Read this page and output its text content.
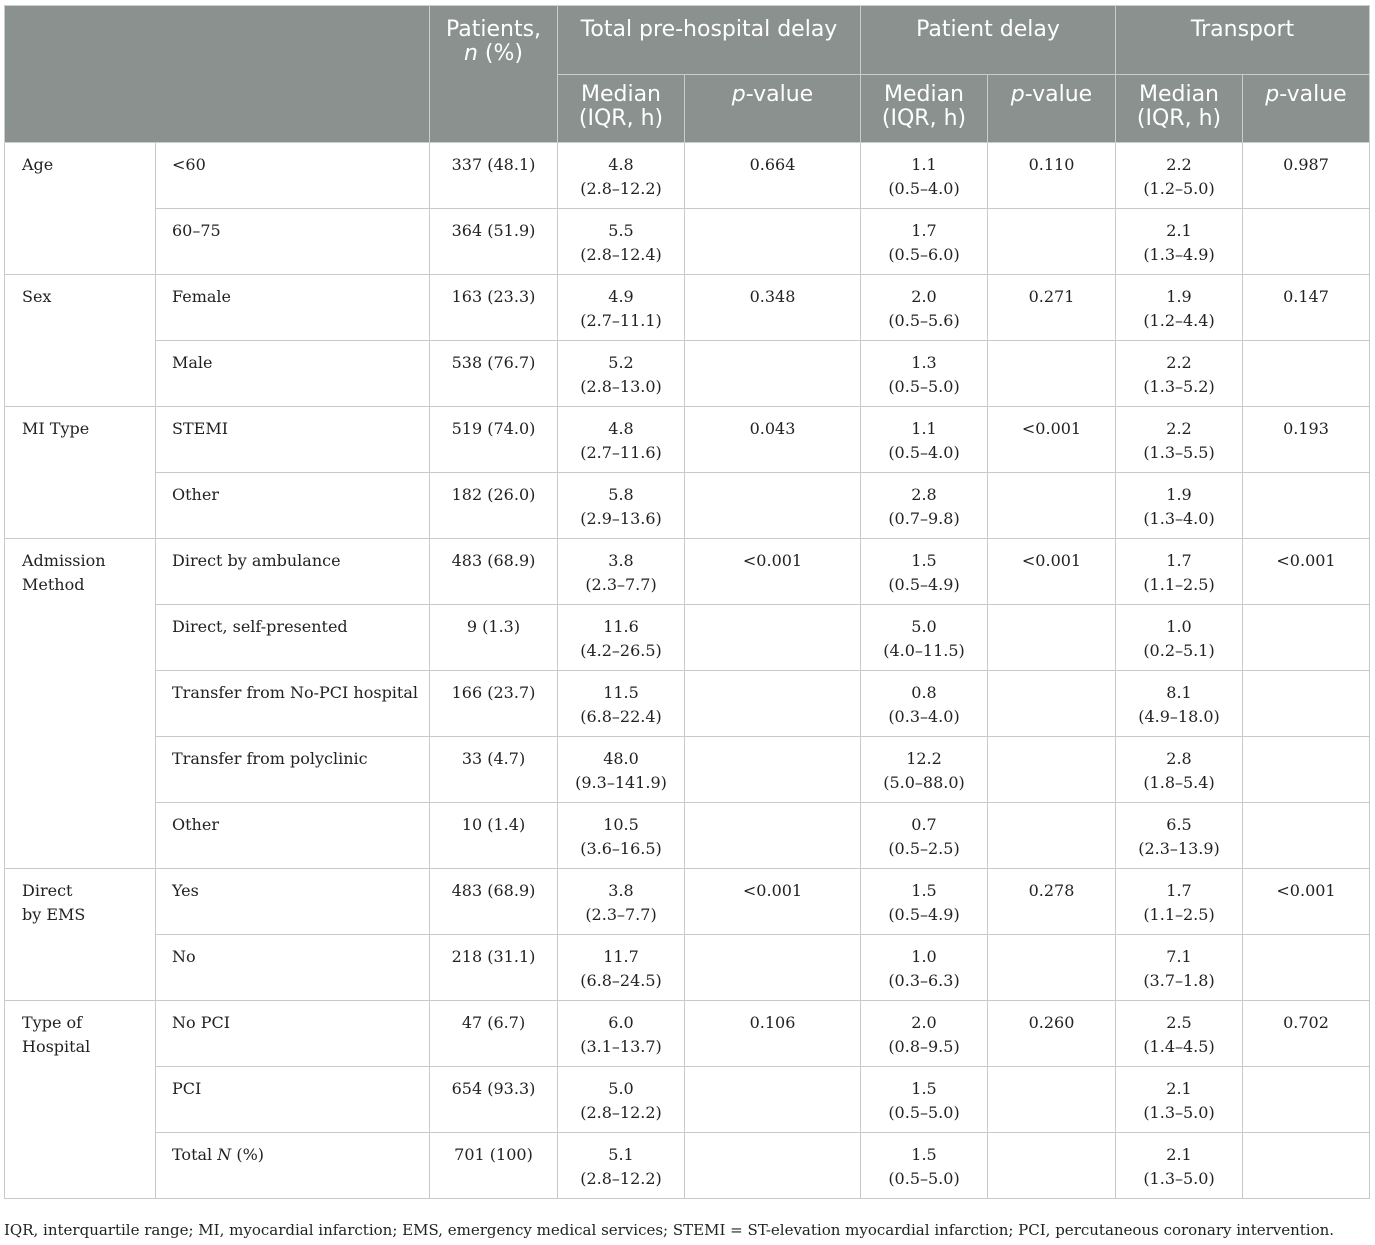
		Patients,
n (%)	Total pre-hospital delay		Patient delay		Transport	

			Median
(IQR, h)	p-value	Median
(IQR, h)	p-value	Median
(IQR, h)	p-value

Age	<60	337 (48.1)	4.8
(2.8–12.2)	0.664	1.1
(0.5–4.0)	0.110	2.2
(1.2–5.0)	0.987

	60–75	364 (51.9)	5.5
(2.8–12.4)		1.7
(0.5–6.0)		2.1
(1.3–4.9)	

Sex	Female	163 (23.3)	4.9
(2.7–11.1)	0.348	2.0
(0.5–5.6)	0.271	1.9
(1.2–4.4)	0.147

	Male	538 (76.7)	5.2
(2.8–13.0)		1.3
(0.5–5.0)		2.2
(1.3–5.2)	

MI Type	STEMI	519 (74.0)	4.8
(2.7–11.6)	0.043	1.1
(0.5–4.0)	<0.001	2.2
(1.3–5.5)	0.193

	Other	182 (26.0)	5.8
(2.9–13.6)		2.8
(0.7–9.8)		1.9
(1.3–4.0)	

Admission
Method	Direct by ambulance	483 (68.9)	3.8
(2.3–7.7)	<0.001	1.5
(0.5–4.9)	<0.001	1.7
(1.1–2.5)	<0.001

	Direct, self-presented	9 (1.3)	11.6
(4.2–26.5)		5.0
(4.0–11.5)		1.0
(0.2–5.1)	

	Transfer from No-PCI hospital	166 (23.7)	11.5
(6.8–22.4)		0.8
(0.3–4.0)		8.1
(4.9–18.0)	

	Transfer from polyclinic	33 (4.7)	48.0
(9.3–141.9)		12.2
(5.0–88.0)		2.8
(1.8–5.4)	

	Other	10 (1.4)	10.5
(3.6–16.5)		0.7
(0.5–2.5)		6.5
(2.3–13.9)	

Direct
by EMS	Yes	483 (68.9)	3.8
(2.3–7.7)	<0.001	1.5
(0.5–4.9)	0.278	1.7
(1.1–2.5)	<0.001

	No	218 (31.1)	11.7
(6.8–24.5)		1.0
(0.3–6.3)		7.1
(3.7–1.8)	

Type of
Hospital	No PCI	47 (6.7)	6.0
(3.1–13.7)	0.106	2.0
(0.8–9.5)	0.260	2.5
(1.4–4.5)	0.702

	PCI	654 (93.3)	5.0
(2.8–12.2)		1.5
(0.5–5.0)		2.1
(1.3–5.0)	

	Total N (%)	701 (100)	5.1
(2.8–12.2)		1.5
(0.5–5.0)		2.1
(1.3–5.0)	

IQR, interquartile range; MI, myocardial infarction; EMS, emergency medical services; STEMI = ST-elevation myocardial infarction; PCI, percutaneous coronary intervention.
